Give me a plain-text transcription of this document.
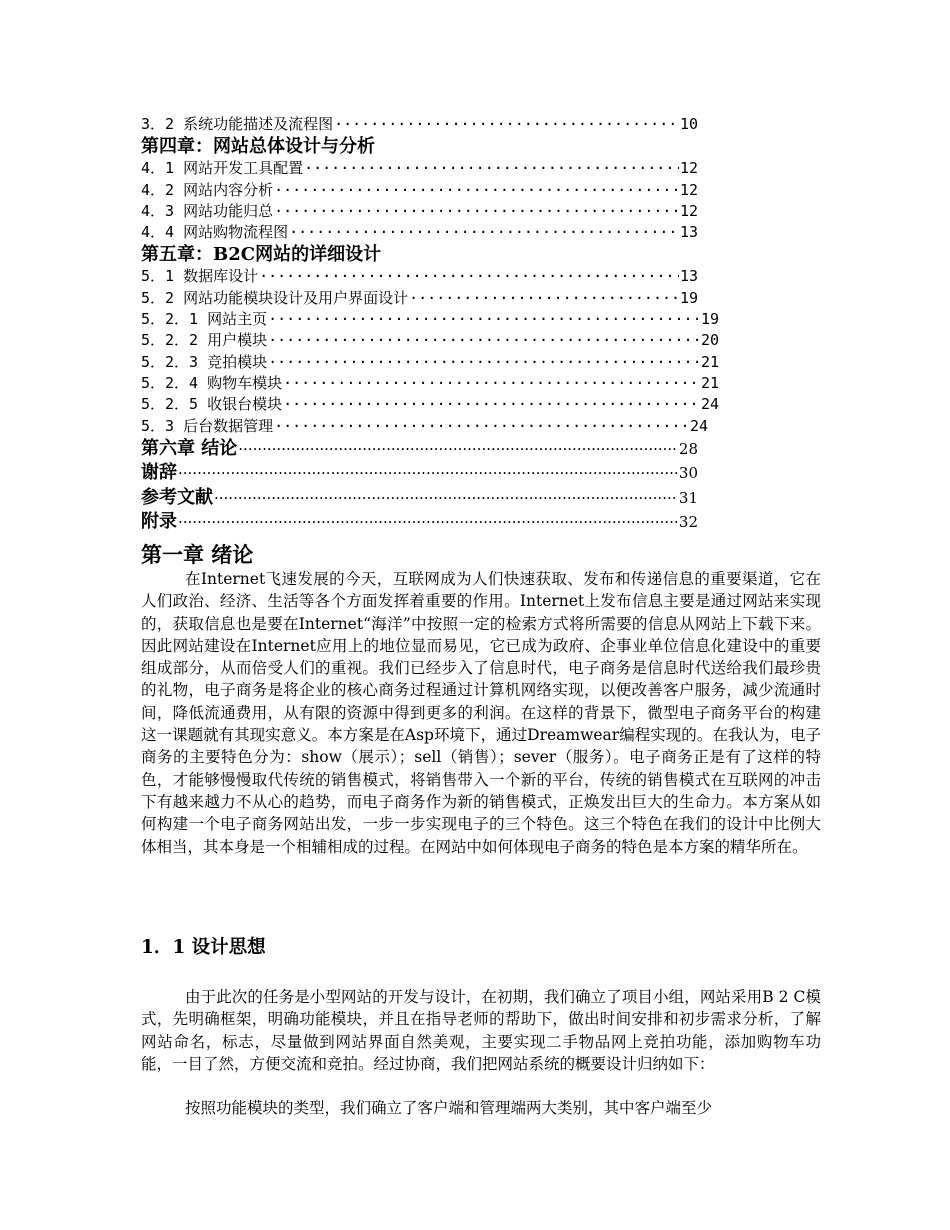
3．2 系统功能描述及流程图 ·····	10
第四章：网站总体设计与分析
4．1 网站开发工具配置 ·····	12
4．2 网站内容分析 ·····	12
4．3 网站功能归总 ·····	12
4．4 网站购物流程图 ·····	13
第五章：B2C网站的详细设计
5．1 数据库设计 ·····	13
5．2 网站功能模块设计及用户界面设计 ·····	19
5．2．1 网站主页 ·····	19
5．2．2 用户模块 ·····	20
5．2．3 竞拍模块 ·····	21
5．2．4 购物车模块 ·····	21
5．2．5 收银台模块 ·····	24
5．3 后台数据管理 ·····	24
第六章 结论 ·····	28
谢辞 ·····	30
参考文献 ·····	31
附录 ·····	32
第一章 绪论

在Internet飞速发展的今天，互联网成为人们快速获取、发布和传递信息的重要渠道，它在人们政治、经济、生活等各个方面发挥着重要的作用。Internet上发布信息主要是通过网站来实现的，获取信息也是要在Internet“海洋”中按照一定的检索方式将所需要的信息从网站上下载下来。因此网站建设在Internet应用上的地位显而易见，它已成为政府、企事业单位信息化建设中的重要组成部分，从而倍受人们的重视。我们已经步入了信息时代，电子商务是信息时代送给我们最珍贵的礼物，电子商务是将企业的核心商务过程通过计算机网络实现，以便改善客户服务，减少流通时间，降低流通费用，从有限的资源中得到更多的利润。在这样的背景下，微型电子商务平台的构建这一课题就有其现实意义。本方案是在Asp环境下，通过Dreamwear编程实现的。在我认为，电子商务的主要特色分为：show（展示）；sell（销售）；sever（服务）。电子商务正是有了这样的特色，才能够慢慢取代传统的销售模式，将销售带入一个新的平台，传统的销售模式在互联网的冲击下有越来越力不从心的趋势，而电子商务作为新的销售模式，正焕发出巨大的生命力。本方案从如何构建一个电子商务网站出发，一步一步实现电子的三个特色。这三个特色在我们的设计中比例大体相当，其本身是一个相辅相成的过程。在网站中如何体现电子商务的特色是本方案的精华所在。

1．1 设计思想

由于此次的任务是小型网站的开发与设计，在初期，我们确立了项目小组，网站采用B 2 C模式，先明确框架，明确功能模块，并且在指导老师的帮助下，做出时间安排和初步需求分析，了解网站命名，标志，尽量做到网站界面自然美观，主要实现二手物品网上竞拍功能，添加购物车功能，一目了然，方便交流和竞拍。经过协商，我们把网站系统的概要设计归纳如下：

按照功能模块的类型，我们确立了客户端和管理端两大类别，其中客户端至少
